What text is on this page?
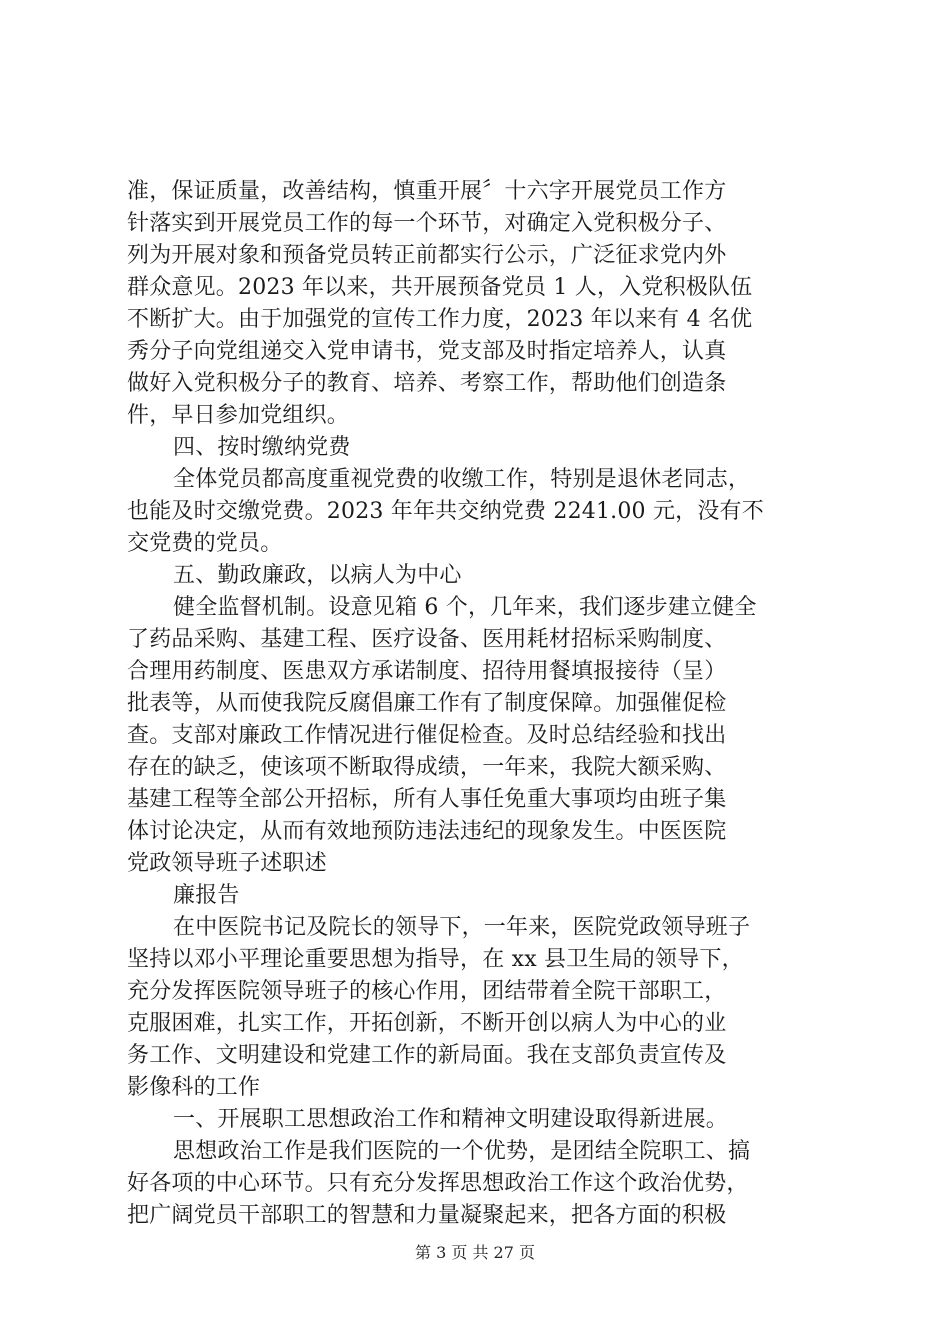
准，保证质量，改善结构，慎重开展〞十六字开展党员工作方
针落实到开展党员工作的每一个环节，对确定入党积极分子、
列为开展对象和预备党员转正前都实行公示，广泛征求党内外
群众意见。2023 年以来，共开展预备党员 1 人，入党积极队伍
不断扩大。由于加强党的宣传工作力度，2023 年以来有 4 名优
秀分子向党组递交入党申请书，党支部及时指定培养人，认真
做好入党积极分子的教育、培养、考察工作，帮助他们创造条
件，早日参加党组织。
四、按时缴纳党费
全体党员都高度重视党费的收缴工作，特别是退休老同志，
也能及时交缴党费。2023 年年共交纳党费 2241.00 元，没有不
交党费的党员。
五、勤政廉政，以病人为中心
健全监督机制。设意见箱 6 个，几年来，我们逐步建立健全
了药品采购、基建工程、医疗设备、医用耗材招标采购制度、
合理用药制度、医患双方承诺制度、招待用餐填报接待（呈）
批表等，从而使我院反腐倡廉工作有了制度保障。加强催促检
查。支部对廉政工作情况进行催促检查。及时总结经验和找出
存在的缺乏，使该项不断取得成绩，一年来，我院大额采购、
基建工程等全部公开招标，所有人事任免重大事项均由班子集
体讨论决定，从而有效地预防违法违纪的现象发生。中医医院
党政领导班子述职述
廉报告
在中医院书记及院长的领导下，一年来，医院党政领导班子
坚持以邓小平理论重要思想为指导，在 xx 县卫生局的领导下，
充分发挥医院领导班子的核心作用，团结带着全院干部职工，
克服困难，扎实工作，开拓创新，不断开创以病人为中心的业
务工作、文明建设和党建工作的新局面。我在支部负责宣传及
影像科的工作
一、开展职工思想政治工作和精神文明建设取得新进展。
思想政治工作是我们医院的一个优势，是团结全院职工、搞
好各项的中心环节。只有充分发挥思想政治工作这个政治优势，
把广阔党员干部职工的智慧和力量凝聚起来，把各方面的积极
第 3 页 共 27 页
